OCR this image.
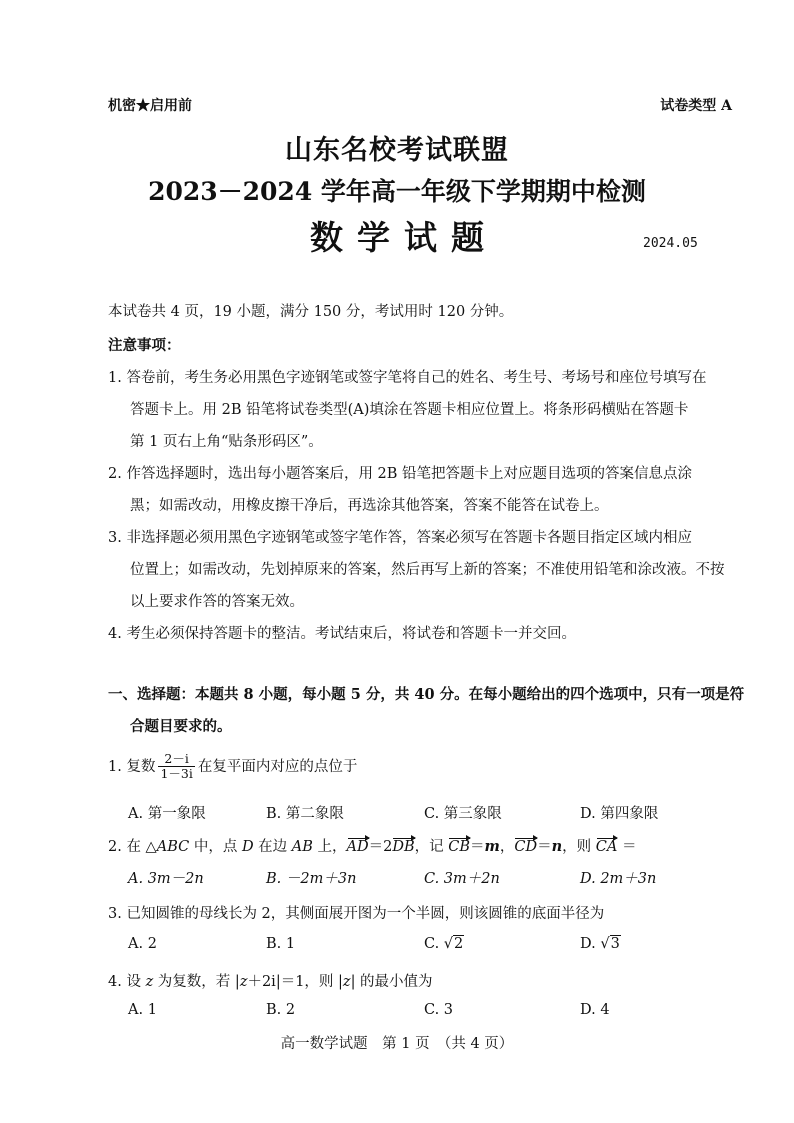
机密★启用前	试卷类型 A
山东名校考试联盟
2023－2024 学年高一年级下学期期中检测
数学试题	2024.05
本试卷共 4 页，19 小题，满分 150 分，考试用时 120 分钟。
注意事项：
1. 答卷前，考生务必用黑色字迹钢笔或签字笔将自己的姓名、考生号、考场号和座位号填写在
答题卡上。用 2B 铅笔将试卷类型(A)填涂在答题卡相应位置上。将条形码横贴在答题卡
第 1 页右上角“贴条形码区”。
2. 作答选择题时，选出每小题答案后，用 2B 铅笔把答题卡上对应题目选项的答案信息点涂
黑；如需改动，用橡皮擦干净后，再选涂其他答案，答案不能答在试卷上。
3. 非选择题必须用黑色字迹钢笔或签字笔作答，答案必须写在答题卡各题目指定区域内相应
位置上；如需改动，先划掉原来的答案，然后再写上新的答案；不准使用铅笔和涂改液。不按
以上要求作答的答案无效。
4. 考生必须保持答题卡的整洁。考试结束后，将试卷和答题卡一并交回。
一、选择题：本题共 8 小题，每小题 5 分，共 40 分。在每小题给出的四个选项中，只有一项是符
合题目要求的。
1. 复数 $\frac{2-i}{1-3i}$ 在复平面内对应的点位于
A. 第一象限	B. 第二象限	C. 第三象限	D. 第四象限
2. 在 △ABC 中，点 D 在边 AB 上，AD＝2DB，记 CB＝m，CD＝n，则 CA ＝
A. 3m－2n	B. －2m＋3n	C. 3m＋2n	D. 2m＋3n
3. 已知圆锥的母线长为 2，其侧面展开图为一个半圆，则该圆锥的底面半径为
A. 2	B. 1	C. √2	D. √3
4. 设 z 为复数，若 |z＋2i|＝1，则 |z| 的最小值为
A. 1	B. 2	C. 3	D. 4
高一数学试题　第 1 页　（共 4 页）
